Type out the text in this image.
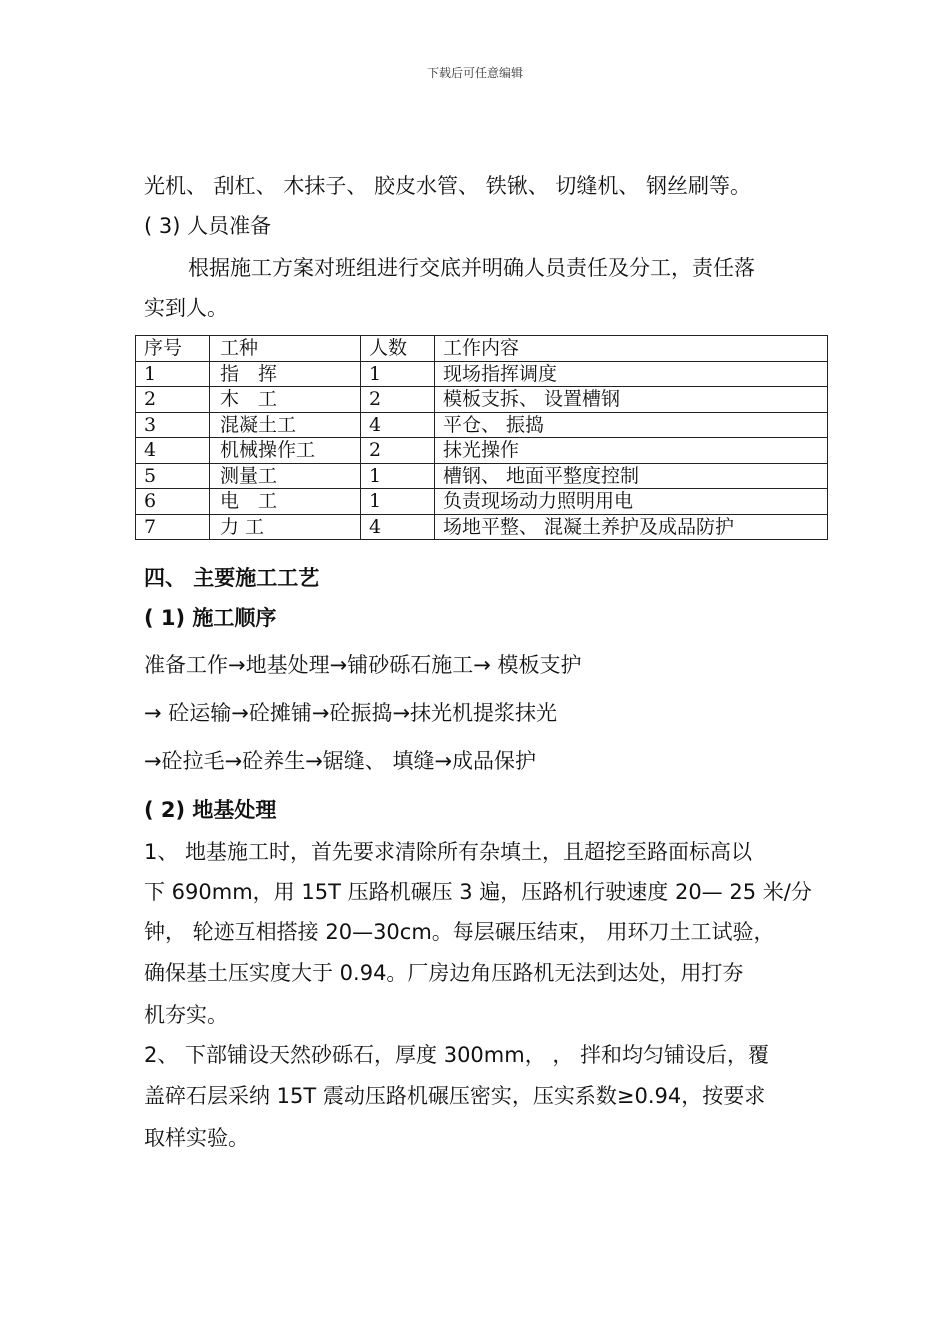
下载后可任意编辑
光机、 刮杠、 木抹子、 胶皮水管、 铁锹、 切缝机、 钢丝刷等。
( 3) 人员准备
根据施工方案对班组进行交底并明确人员责任及分工，责任落
实到人。
序号	工种	人数	工作内容
1	指　挥	1	现场指挥调度
2	木　工	2	模板支拆、 设置槽钢
3	混凝土工	4	平仓、 振捣
4	机械操作工	2	抹光操作
5	测量工	1	槽钢、 地面平整度控制
6	电　工	1	负责现场动力照明用电
7	力 工	4	场地平整、 混凝土养护及成品防护
四、 主要施工工艺
( 1) 施工顺序
准备工作→地基处理→铺砂砾石施工→ 模板支护
→ 砼运输→砼摊铺→砼振捣→抹光机提浆抹光
→砼拉毛→砼养生→锯缝、 填缝→成品保护
( 2) 地基处理
1、 地基施工时，首先要求清除所有杂填土，且超挖至路面标高以
下 690mm，用 15T 压路机碾压 3 遍，压路机行驶速度 20— 25 米/分
钟， 轮迹互相搭接 20—30cm。每层碾压结束， 用环刀土工试验，
确保基土压实度大于 0.94。厂房边角压路机无法到达处，用打夯
机夯实。
2、 下部铺设天然砂砾石，厚度 300mm， ， 拌和均匀铺设后，覆
盖碎石层采纳 15T 震动压路机碾压密实，压实系数≥0.94，按要求
取样实验。
